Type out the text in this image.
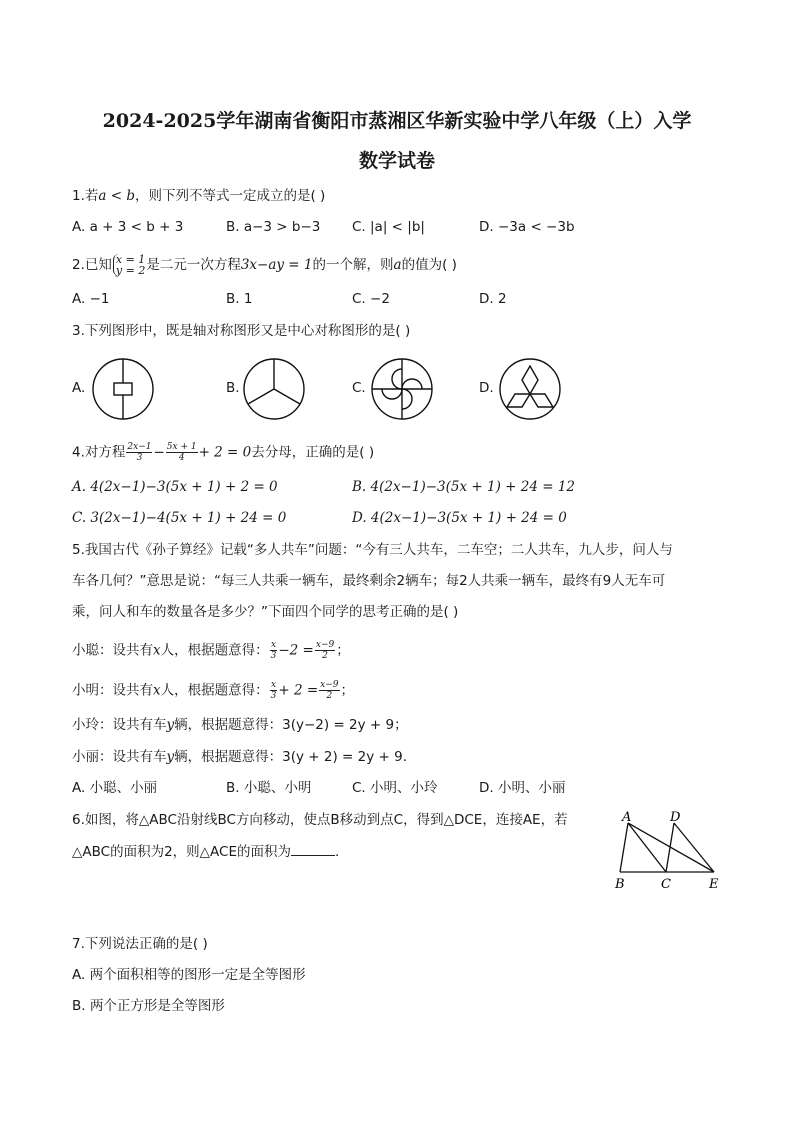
2024-2025学年湖南省衡阳市蒸湘区华新实验中学八年级（上）入学
数学试卷
1.若a < b，则下列不等式一定成立的是( )
A. a + 3 < b + 3	B. a−3 > b−3 C. |a| < |b|	D. −3a < −3b
2.已知 x = 1
y = 2 是二元一次方程3x−ay = 1的一个解，则a的值为( )
A. −1	B. 1	C. −2	D. 2
3.下列图形中，既是轴对称图形又是中心对称图形的是( )
A.	B.	C.	D.
4.对方程 $\frac{2x-1}{3} - \frac{5x + 1}{4} + 2 = 0$去分母，正确的是( )
A. 4(2x−1)−3(5x + 1) + 2 = 0	B. 4(2x−1)−3(5x + 1) + 24 = 12
C. 3(2x−1)−4(5x + 1) + 24 = 0	D. 4(2x−1)−3(5x + 1) + 24 = 0
5.我国古代《孙子算经》记载“多人共车”问题：“今有三人共车，二车空；二人共车，九人步，问人与
车各几何？”意思是说：“每三人共乘一辆车，最终剩余2辆车；每2人共乘一辆车，最终有9人无车可
乘，问人和车的数量各是多少？”下面四个同学的思考正确的是( )
小聪：设共有x人，根据题意得： $\frac{x}{3} -2 = \frac{x-9}{2}$ ；
小明：设共有x人，根据题意得： $\frac{x}{3} + 2 = \frac{x-9}{2}$ ；
小玲：设共有车y辆，根据题意得：3(y−2) = 2y + 9；
小丽：设共有车y辆，根据题意得：3(y + 2) = 2y + 9.
A. 小聪、小丽	B. 小聪、小明	C. 小明、小玲	D. 小明、小丽
6.如图，将△ABC沿射线BC方向移动，使点B移动到点C，得到△DCE，连接AE，若
△ABC的面积为2，则△ACE的面积为	.
A	D
B	C	E
7.下列说法正确的是( )
A. 两个面积相等的图形一定是全等图形
B. 两个正方形是全等图形
